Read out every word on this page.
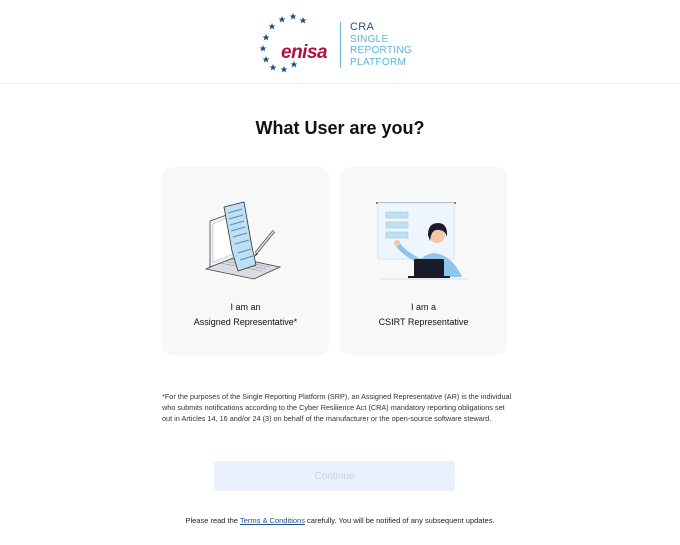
enisa
CRA
SINGLE
REPORTING
PLATFORM
What User are you?
I am an
Assigned Representative*
I am a
CSIRT Representative
*For the purposes of the Single Reporting Platform (SRP), an Assigned Representative (AR) is the individual who submits notifications according to the Cyber Resilience Act (CRA) mandatory reporting obligations set out in Articles 14, 16 and/or 24 (3) on behalf of the manufacturer or the open-source software steward.
Continue
Please read the Terms & Conditions carefully. You will be notified of any subsequent updates.
